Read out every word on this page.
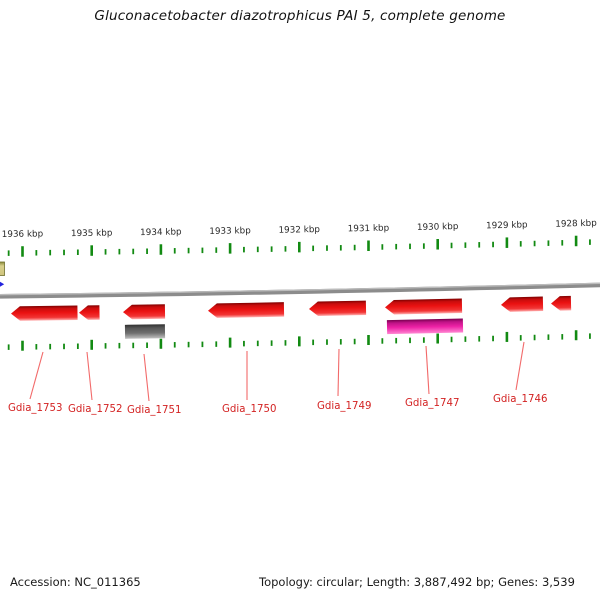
Gluconacetobacter diazotrophicus PAI 5, complete genome
1936 kbp	1935 kbp	1934 kbp	1933 kbp	1932 kbp	1931 kbp	1930 kbp	1929 kbp	1928 kbp
Gdia_1753 Gdia_1752 Gdia_1751	Gdia_1750	Gdia_1749	Gdia_1747	Gdia_1746
Accession: NC_011365	Topology: circular; Length: 3,887,492 bp; Genes: 3,539
